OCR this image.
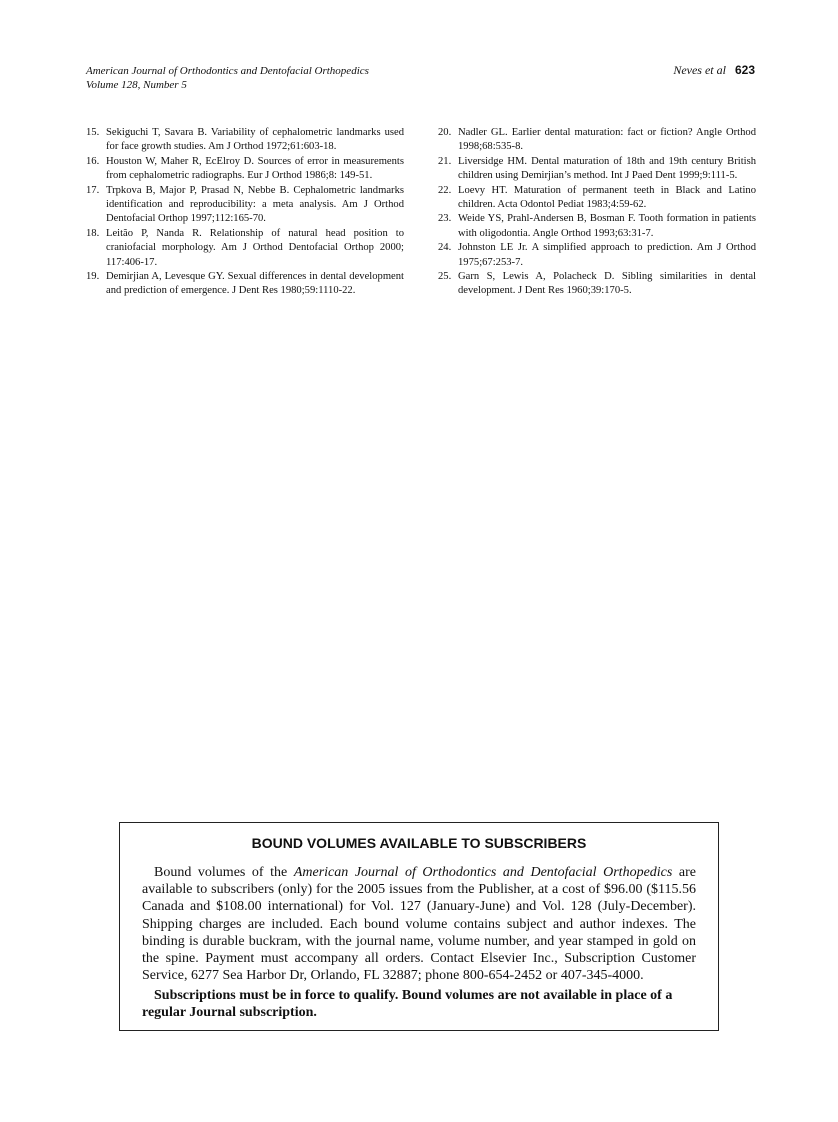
American Journal of Orthodontics and Dentofacial Orthopedics
Volume 128, Number 5
Neves et al 623
15. Sekiguchi T, Savara B. Variability of cephalometric landmarks used for face growth studies. Am J Orthod 1972;61:603-18.
16. Houston W, Maher R, EcElroy D. Sources of error in measurements from cephalometric radiographs. Eur J Orthod 1986;8: 149-51.
17. Trpkova B, Major P, Prasad N, Nebbe B. Cephalometric landmarks identification and reproducibility: a meta analysis. Am J Orthod Dentofacial Orthop 1997;112:165-70.
18. Leitão P, Nanda R. Relationship of natural head position to craniofacial morphology. Am J Orthod Dentofacial Orthop 2000; 117:406-17.
19. Demirjian A, Levesque GY. Sexual differences in dental development and prediction of emergence. J Dent Res 1980;59:1110-22.
20. Nadler GL. Earlier dental maturation: fact or fiction? Angle Orthod 1998;68:535-8.
21. Liversidge HM. Dental maturation of 18th and 19th century British children using Demirjian’s method. Int J Paed Dent 1999;9:111-5.
22. Loevy HT. Maturation of permanent teeth in Black and Latino children. Acta Odontol Pediat 1983;4:59-62.
23. Weide YS, Prahl-Andersen B, Bosman F. Tooth formation in patients with oligodontia. Angle Orthod 1993;63:31-7.
24. Johnston LE Jr. A simplified approach to prediction. Am J Orthod 1975;67:253-7.
25. Garn S, Lewis A, Polacheck D. Sibling similarities in dental development. J Dent Res 1960;39:170-5.
BOUND VOLUMES AVAILABLE TO SUBSCRIBERS
Bound volumes of the American Journal of Orthodontics and Dentofacial Orthopedics are available to subscribers (only) for the 2005 issues from the Publisher, at a cost of $96.00 ($115.56 Canada and $108.00 international) for Vol. 127 (January-June) and Vol. 128 (July-December). Shipping charges are included. Each bound volume contains subject and author indexes. The binding is durable buckram, with the journal name, volume number, and year stamped in gold on the spine. Payment must accompany all orders. Contact Elsevier Inc., Subscription Customer Service, 6277 Sea Harbor Dr, Orlando, FL 32887; phone 800-654-2452 or 407-345-4000.
Subscriptions must be in force to qualify. Bound volumes are not available in place of a regular Journal subscription.
